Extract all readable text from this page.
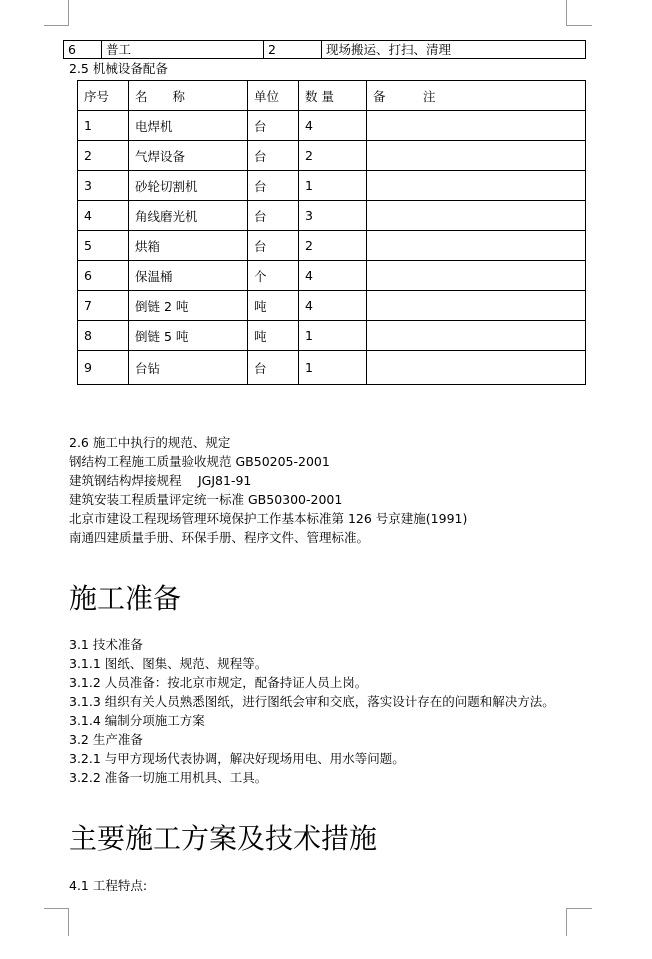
6	普工	2	现场搬运、打扫、清理
2.5 机械设备配备
序号	名　　称	单位	数 量	备　　　注
1	电焊机	台	4	
2	气焊设备	台	2	
3	砂轮切割机	台	1	
4	角线磨光机	台	3	
5	烘箱	台	2	
6	保温桶	个	4	
7	倒链 2 吨	吨	4	
8	倒链 5 吨	吨	1	
9	台钻	台	1	
2.6 施工中执行的规范、规定
钢结构工程施工质量验收规范 GB50205-2001
建筑钢结构焊接规程　 JGJ81-91
建筑安装工程质量评定统一标准 GB50300-2001
北京市建设工程现场管理环境保护工作基本标准第 126 号京建施(1991)
南通四建质量手册、环保手册、程序文件、管理标准。
施工准备
3.1 技术准备
3.1.1 图纸、图集、规范、规程等。
3.1.2 人员准备：按北京市规定，配备持证人员上岗。
3.1.3 组织有关人员熟悉图纸，进行图纸会审和交底，落实设计存在的问题和解决方法。
3.1.4 编制分项施工方案
3.2 生产准备
3.2.1 与甲方现场代表协调，解决好现场用电、用水等问题。
3.2.2 准备一切施工用机具、工具。
主要施工方案及技术措施
4.1 工程特点:
